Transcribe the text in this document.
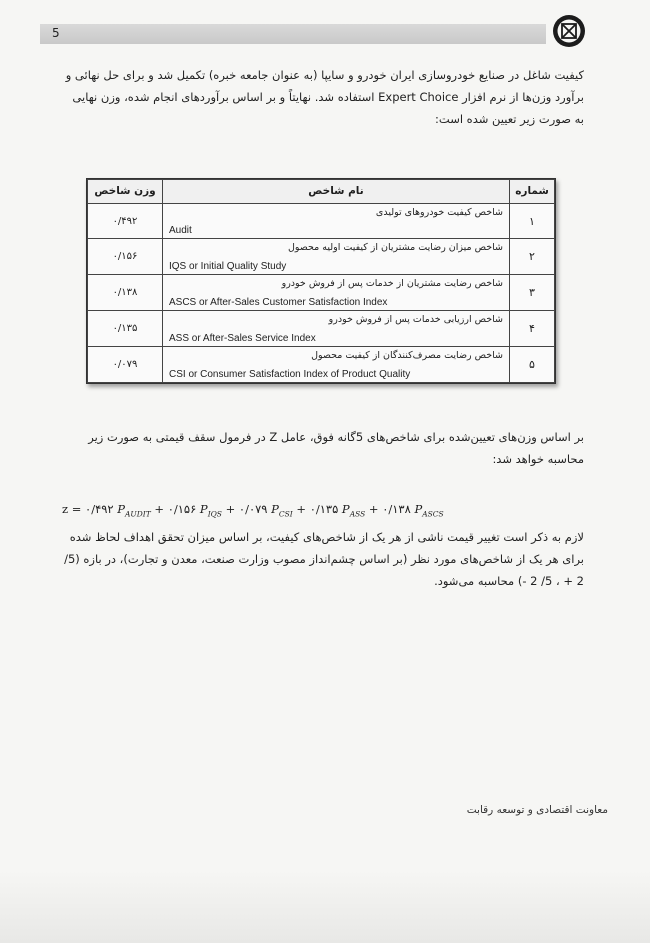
5
کیفیت شاغل در صنایع خودروسازی ایران خودرو و سایپا (به عنوان جامعه خبره) تکمیل شد و برای حل نهائی و برآورد وزن‌ها از نرم افزار Expert Choice استفاده شد. نهایتاً و بر اساس برآوردهای انجام شده، وزن نهایی به صورت زیر تعیین شده است:
شماره	نام شاخص	وزن شاخص
۱	شاخص کیفیت خودروهای تولیدی
Audit	۰/۴۹۲
۲	شاخص میزان رضایت مشتریان از کیفیت اولیه محصول
IQS or Initial Quality Study	۰/۱۵۶
۳	شاخص رضایت مشتریان از خدمات پس از فروش خودرو
ASCS or After-Sales Customer Satisfaction Index	۰/۱۳۸
۴	شاخص ارزیابی خدمات پس از فروش خودرو
ASS or After-Sales Service Index	۰/۱۳۵
۵	شاخص رضایت مصرف‌کنندگان از کیفیت محصول
CSI or Consumer Satisfaction Index of Product Quality	۰/۰۷۹
بر اساس وزن‌های تعیین‌شده برای شاخص‌های 5گانه فوق، عامل Z در فرمول سقف قیمتی به صورت زیر محاسبه خواهد شد:
z = ۰/۴۹۲ $P_{AUDIT}$ + ۰/۱۵۶ $P_{IQS}$ + ۰/۰۷۹ $P_{CSI}$ + ۰/۱۳۵ $P_{ASS}$ + ۰/۱۳۸ $P_{ASCS}$
لازم به ذکر است تغییر قیمت ناشی از هر یک از شاخص‌های کیفیت، بر اساس میزان تحقق اهداف لحاظ شده برای هر یک از شاخص‌های مورد نظر (بر اساس چشم‌انداز مصوب وزارت صنعت، معدن و تجارت)، در بازه (5/ 2 + ، 5/ 2 -) محاسبه می‌شود.
معاونت اقتصادی و توسعه رقابت
